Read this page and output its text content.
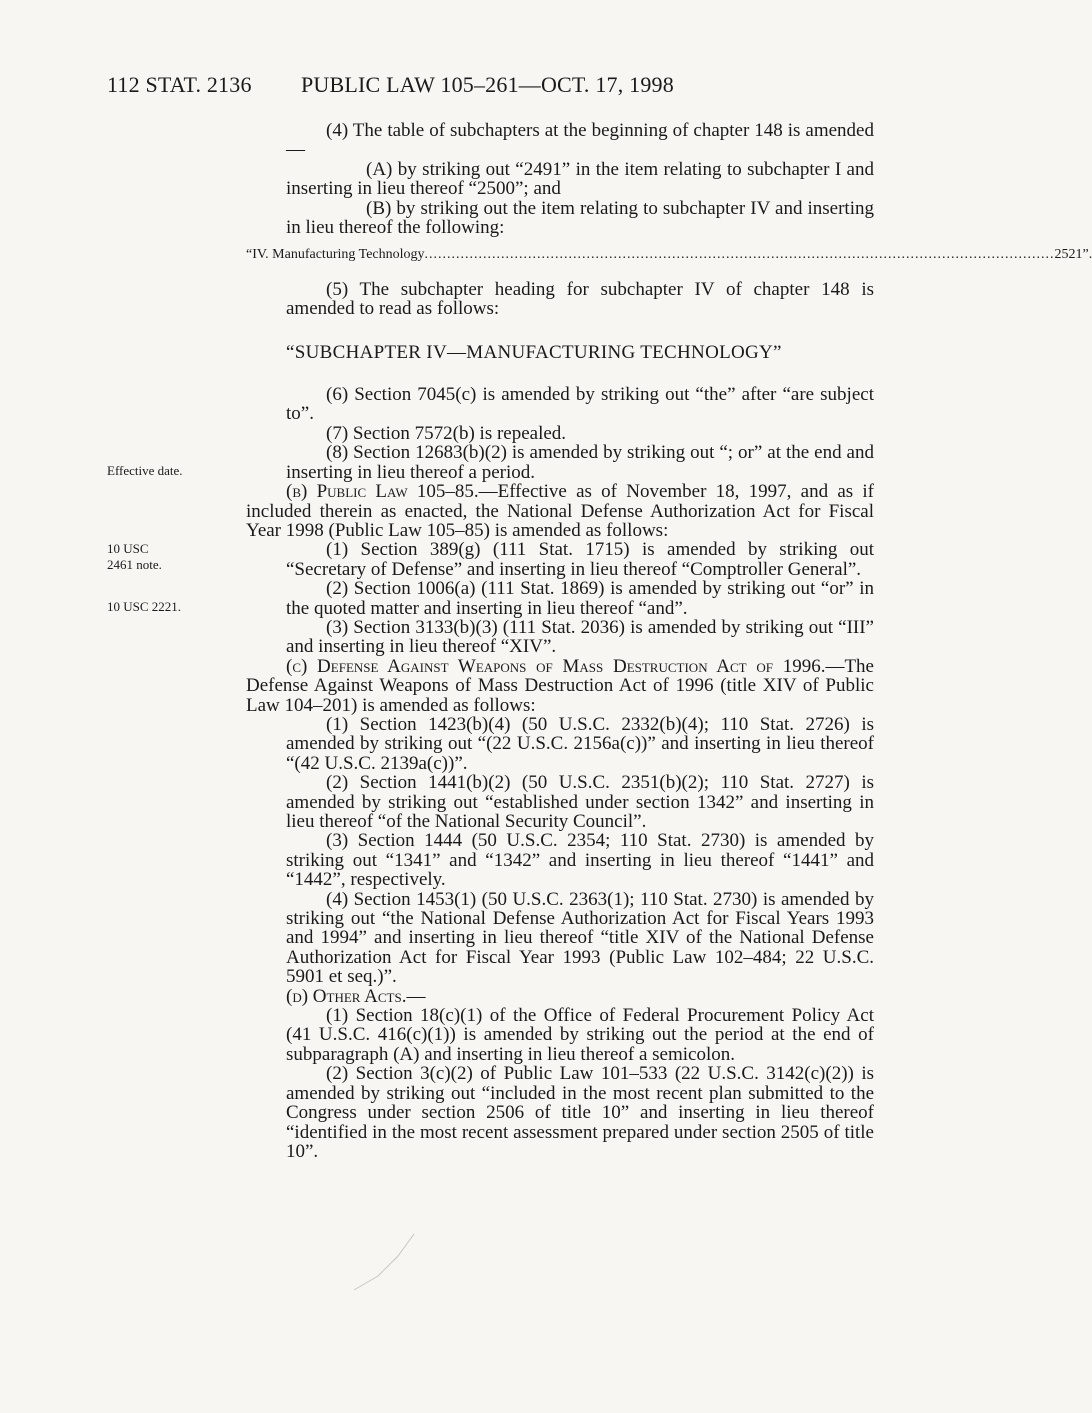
112 STAT. 2136 PUBLIC LAW 105–261—OCT. 17, 1998
Effective date.
10 USC 2461 note.
10 USC 2221.

(4) The table of subchapters at the beginning of chapter 148 is amended—

(A) by striking out “2491” in the item relating to subchapter I and inserting in lieu thereof “2500”; and

(B) by striking out the item relating to subchapter IV and inserting in lieu thereof the following:

“IV. Manufacturing Technology ............................................................................................................................................ 2521”.

(5) The subchapter heading for subchapter IV of chapter 148 is amended to read as follows:

“SUBCHAPTER IV—MANUFACTURING TECHNOLOGY”

(6) Section 7045(c) is amended by striking out “the” after “are subject to”.

(7) Section 7572(b) is repealed.

(8) Section 12683(b)(2) is amended by striking out “; or” at the end and inserting in lieu thereof a period.

(b) Public Law 105–85.—Effective as of November 18, 1997, and as if included therein as enacted, the National Defense Authorization Act for Fiscal Year 1998 (Public Law 105–85) is amended as follows:

(1) Section 389(g) (111 Stat. 1715) is amended by striking out “Secretary of Defense” and inserting in lieu thereof “Comptroller General”.

(2) Section 1006(a) (111 Stat. 1869) is amended by striking out “or” in the quoted matter and inserting in lieu thereof “and”.

(3) Section 3133(b)(3) (111 Stat. 2036) is amended by striking out “III” and inserting in lieu thereof “XIV”.

(c) Defense Against Weapons of Mass Destruction Act of 1996.—The Defense Against Weapons of Mass Destruction Act of 1996 (title XIV of Public Law 104–201) is amended as follows:

(1) Section 1423(b)(4) (50 U.S.C. 2332(b)(4); 110 Stat. 2726) is amended by striking out “(22 U.S.C. 2156a(c))” and inserting in lieu thereof “(42 U.S.C. 2139a(c))”.

(2) Section 1441(b)(2) (50 U.S.C. 2351(b)(2); 110 Stat. 2727) is amended by striking out “established under section 1342” and inserting in lieu thereof “of the National Security Council”.

(3) Section 1444 (50 U.S.C. 2354; 110 Stat. 2730) is amended by striking out “1341” and “1342” and inserting in lieu thereof “1441” and “1442”, respectively.

(4) Section 1453(1) (50 U.S.C. 2363(1); 110 Stat. 2730) is amended by striking out “the National Defense Authorization Act for Fiscal Years 1993 and 1994” and inserting in lieu thereof “title XIV of the National Defense Authorization Act for Fiscal Year 1993 (Public Law 102–484; 22 U.S.C. 5901 et seq.)”.

(d) Other Acts.—

(1) Section 18(c)(1) of the Office of Federal Procurement Policy Act (41 U.S.C. 416(c)(1)) is amended by striking out the period at the end of subparagraph (A) and inserting in lieu thereof a semicolon.

(2) Section 3(c)(2) of Public Law 101–533 (22 U.S.C. 3142(c)(2)) is amended by striking out “included in the most recent plan submitted to the Congress under section 2506 of title 10” and inserting in lieu thereof “identified in the most recent assessment prepared under section 2505 of title 10”.
